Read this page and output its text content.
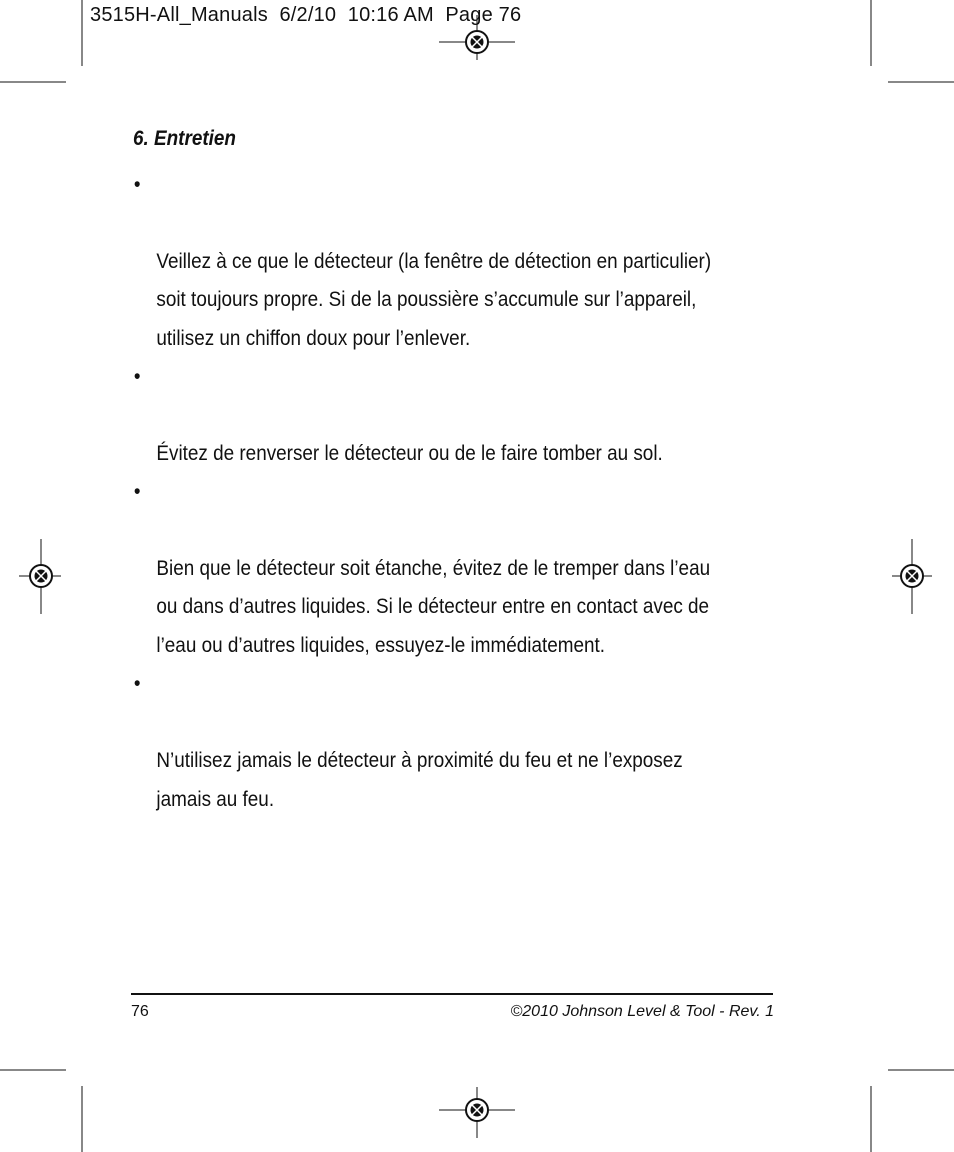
3515H-All_Manuals  6/2/10  10:16 AM  Page 76
6. Entretien

•

Veillez à ce que le détecteur (la fenêtre de détection en particulier)
soit toujours propre. Si de la poussière s’accumule sur l’appareil,
utilisez un chiffon doux pour l’enlever.

•

Évitez de renverser le détecteur ou de le faire tomber au sol.

•

Bien que le détecteur soit étanche, évitez de le tremper dans l’eau
ou dans d’autres liquides. Si le détecteur entre en contact avec de
l’eau ou d’autres liquides, essuyez-le immédiatement.

•

N’utilisez jamais le détecteur à proximité du feu et ne l’exposez
jamais au feu.

76	©2010 Johnson Level & Tool - Rev. 1
